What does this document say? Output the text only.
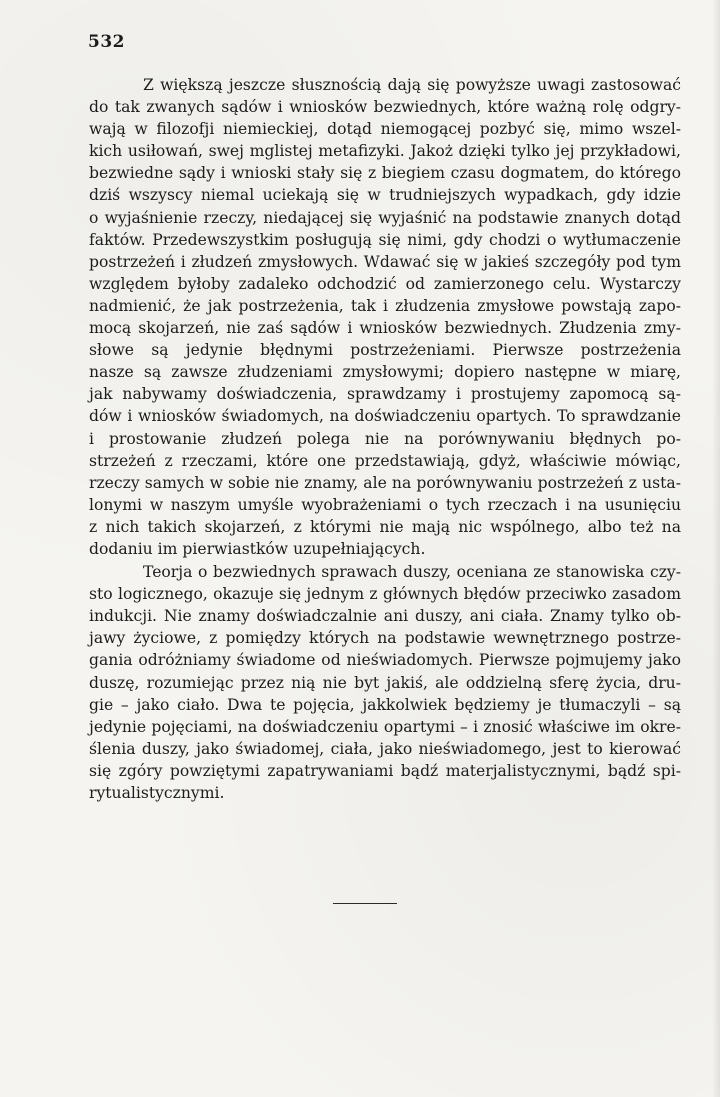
532
Z większą jeszcze słusznością dają się powyższe uwagi zastosować
do tak zwanych sądów i wniosków bezwiednych, które ważną rolę odgry-
wają w filozofji niemieckiej, dotąd niemogącej pozbyć się, mimo wszel-
kich usiłowań, swej mglistej metafizyki. Jakoż dzięki tylko jej przykładowi,
bezwiedne sądy i wnioski stały się z biegiem czasu dogmatem, do którego
dziś wszyscy niemal uciekają się w trudniejszych wypadkach, gdy idzie
o wyjaśnienie rzeczy, niedającej się wyjaśnić na podstawie znanych dotąd
faktów. Przedewszystkim posługują się nimi, gdy chodzi o wytłumaczenie
postrzeżeń i złudzeń zmysłowych. Wdawać się w jakieś szczegóły pod tym
względem byłoby zadaleko odchodzić od zamierzonego celu. Wystarczy
nadmienić, że jak postrzeżenia, tak i złudzenia zmysłowe powstają zapo-
mocą skojarzeń, nie zaś sądów i wniosków bezwiednych. Złudzenia zmy-
słowe są jedynie błędnymi postrzeżeniami. Pierwsze postrzeżenia
nasze są zawsze złudzeniami zmysłowymi; dopiero następne w miarę,
jak nabywamy doświadczenia, sprawdzamy i prostujemy zapomocą są-
dów i wniosków świadomych, na doświadczeniu opartych. To sprawdzanie
i prostowanie złudzeń polega nie na porównywaniu błędnych po-
strzeżeń z rzeczami, które one przedstawiają, gdyż, właściwie mówiąc,
rzeczy samych w sobie nie znamy, ale na porównywaniu postrzeżeń z usta-
lonymi w naszym umyśle wyobrażeniami o tych rzeczach i na usunięciu
z nich takich skojarzeń, z którymi nie mają nic wspólnego, albo też na
dodaniu im pierwiastków uzupełniających.
Teorja o bezwiednych sprawach duszy, oceniana ze stanowiska czy-
sto logicznego, okazuje się jednym z głównych błędów przeciwko zasadom
indukcji. Nie znamy doświadczalnie ani duszy, ani ciała. Znamy tylko ob-
jawy życiowe, z pomiędzy których na podstawie wewnętrznego postrze-
gania odróżniamy świadome od nieświadomych. Pierwsze pojmujemy jako
duszę, rozumiejąc przez nią nie byt jakiś, ale oddzielną sferę życia, dru-
gie – jako ciało. Dwa te pojęcia, jakkolwiek będziemy je tłumaczyli – są
jedynie pojęciami, na doświadczeniu opartymi – i znosić właściwe im okre-
ślenia duszy, jako świadomej, ciała, jako nieświadomego, jest to kierować
się zgóry powziętymi zapatrywaniami bądź materjalistycznymi, bądź spi-
rytualistycznymi.
